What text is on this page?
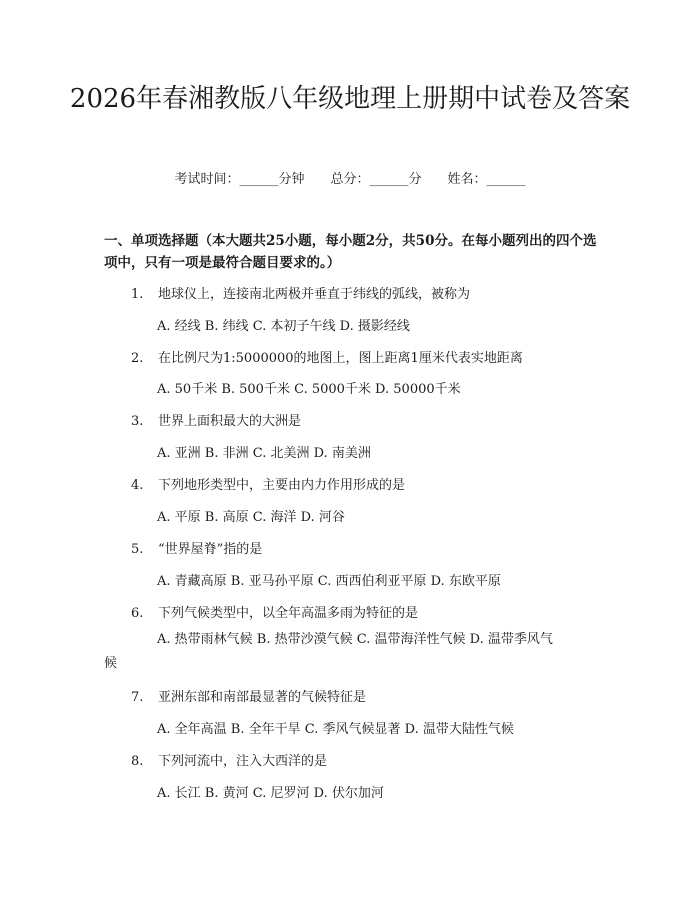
2026年春湘教版八年级地理上册期中试卷及答案
考试时间：______分钟　　总分：______分　　姓名：______
一、单项选择题（本大题共25小题，每小题2分，共50分。在每小题列出的四个选项中，只有一项是最符合题目要求的。）
1. 地球仪上，连接南北两极并垂直于纬线的弧线，被称为
A. 经线 B. 纬线 C. 本初子午线 D. 摄影经线
2. 在比例尺为1:5000000的地图上，图上距离1厘米代表实地距离
A. 50千米 B. 500千米 C. 5000千米 D. 50000千米
3. 世界上面积最大的大洲是
A. 亚洲 B. 非洲 C. 北美洲 D. 南美洲
4. 下列地形类型中，主要由内力作用形成的是
A. 平原 B. 高原 C. 海洋 D. 河谷
5. “世界屋脊”指的是
A. 青藏高原 B. 亚马孙平原 C. 西西伯利亚平原 D. 东欧平原
6. 下列气候类型中，以全年高温多雨为特征的是
A. 热带雨林气候 B. 热带沙漠气候 C. 温带海洋性气候 D. 温带季风气候
7. 亚洲东部和南部最显著的气候特征是
A. 全年高温 B. 全年干旱 C. 季风气候显著 D. 温带大陆性气候
8. 下列河流中，注入大西洋的是
A. 长江 B. 黄河 C. 尼罗河 D. 伏尔加河
